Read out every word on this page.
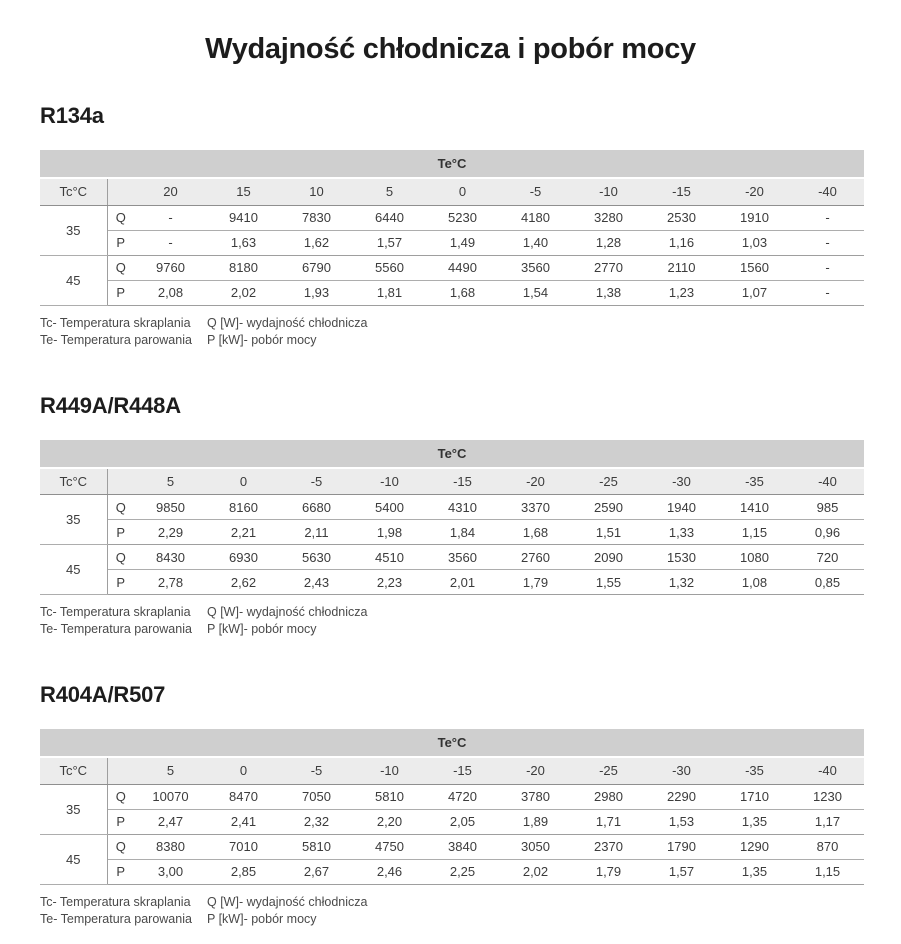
Wydajność chłodnicza i pobór mocy
R134a
Te°C											
Tc°C		20	15	10	5	0	-5	-10	-15	-20	-40
35	Q	-	9410	7830	6440	5230	4180	3280	2530	1910	-
	P	-	1,63	1,62	1,57	1,49	1,40	1,28	1,16	1,03	-
45	Q	9760	8180	6790	5560	4490	3560	2770	2110	1560	-
	P	2,08	2,02	1,93	1,81	1,68	1,54	1,38	1,23	1,07	-
Tc- Temperatura skraplania	Q [W]- wydajność chłodnicza
Te- Temperatura parowania	P [kW]- pobór mocy
R449A/R448A
Te°C											
Tc°C		5	0	-5	-10	-15	-20	-25	-30	-35	-40
35	Q	9850	8160	6680	5400	4310	3370	2590	1940	1410	985
	P	2,29	2,21	2,11	1,98	1,84	1,68	1,51	1,33	1,15	0,96
45	Q	8430	6930	5630	4510	3560	2760	2090	1530	1080	720
	P	2,78	2,62	2,43	2,23	2,01	1,79	1,55	1,32	1,08	0,85
Tc- Temperatura skraplania	Q [W]- wydajność chłodnicza
Te- Temperatura parowania	P [kW]- pobór mocy
R404A/R507
Te°C											
Tc°C		5	0	-5	-10	-15	-20	-25	-30	-35	-40
35	Q	10070	8470	7050	5810	4720	3780	2980	2290	1710	1230
	P	2,47	2,41	2,32	2,20	2,05	1,89	1,71	1,53	1,35	1,17
45	Q	8380	7010	5810	4750	3840	3050	2370	1790	1290	870
	P	3,00	2,85	2,67	2,46	2,25	2,02	1,79	1,57	1,35	1,15
Tc- Temperatura skraplania	Q [W]- wydajność chłodnicza
Te- Temperatura parowania	P [kW]- pobór mocy
